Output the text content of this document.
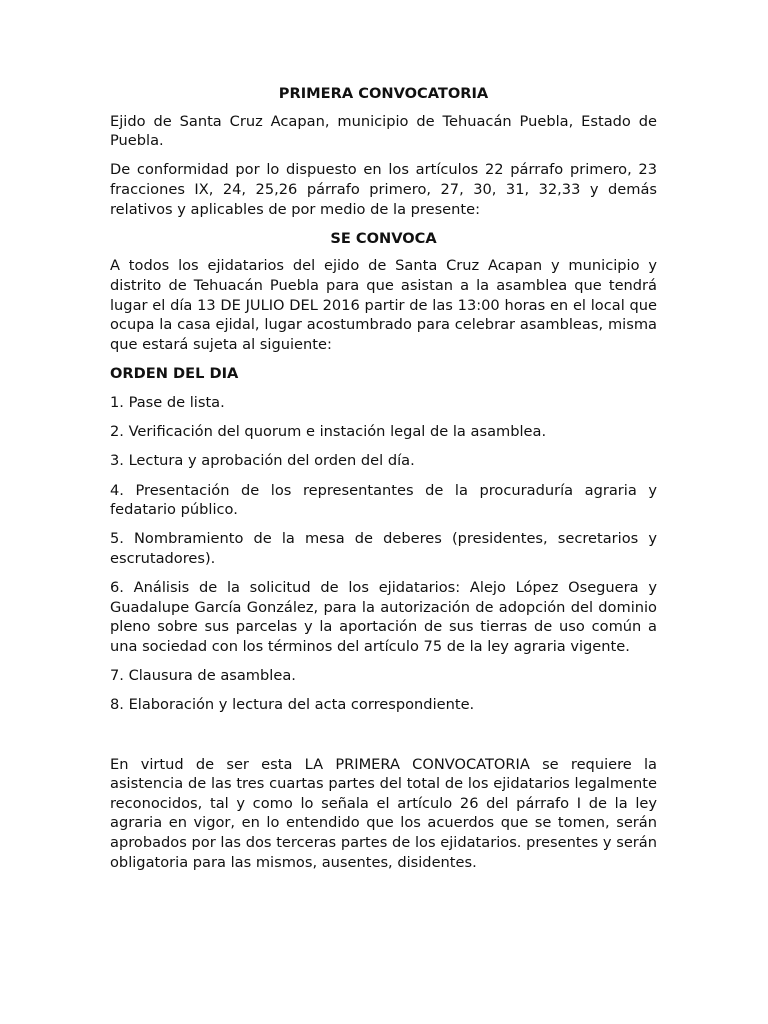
PRIMERA CONVOCATORIA

Ejido de Santa Cruz Acapan, municipio de Tehuacán Puebla, Estado de Puebla.

De conformidad por lo dispuesto en los artículos 22 párrafo primero, 23 fracciones IX, 24, 25,26 párrafo primero, 27, 30, 31, 32,33 y demás relativos y aplicables de por medio de la presente:

SE CONVOCA

A todos los ejidatarios del ejido de Santa Cruz Acapan y municipio y distrito de Tehuacán Puebla para que asistan a la asamblea que tendrá lugar el día 13 DE JULIO DEL 2016 partir de las 13:00 horas en el local que ocupa la casa ejidal, lugar acostumbrado para celebrar asambleas, misma que estará sujeta al siguiente:

ORDEN DEL DIA

1. Pase de lista.

2. Verificación del quorum e instación legal de la asamblea.

3. Lectura y aprobación del orden del día.

4. Presentación de los representantes de la procuraduría agraria y fedatario público.

5. Nombramiento de la mesa de deberes (presidentes, secretarios y escrutadores).

6. Análisis de la solicitud de los ejidatarios: Alejo López Oseguera y Guadalupe García González, para la autorización de adopción del dominio pleno sobre sus parcelas y la aportación de sus tierras de uso común a una sociedad con los términos del artículo 75 de la ley agraria vigente.

7. Clausura de asamblea.

8. Elaboración y lectura del acta correspondiente.

En virtud de ser esta LA PRIMERA CONVOCATORIA se requiere la asistencia de las tres cuartas partes del total de los ejidatarios legalmente reconocidos, tal y como lo señala el artículo 26 del párrafo I de la ley agraria en vigor, en lo entendido que los acuerdos que se tomen, serán aprobados por las dos terceras partes de los ejidatarios. presentes y serán obligatoria para las mismos, ausentes, disidentes.
